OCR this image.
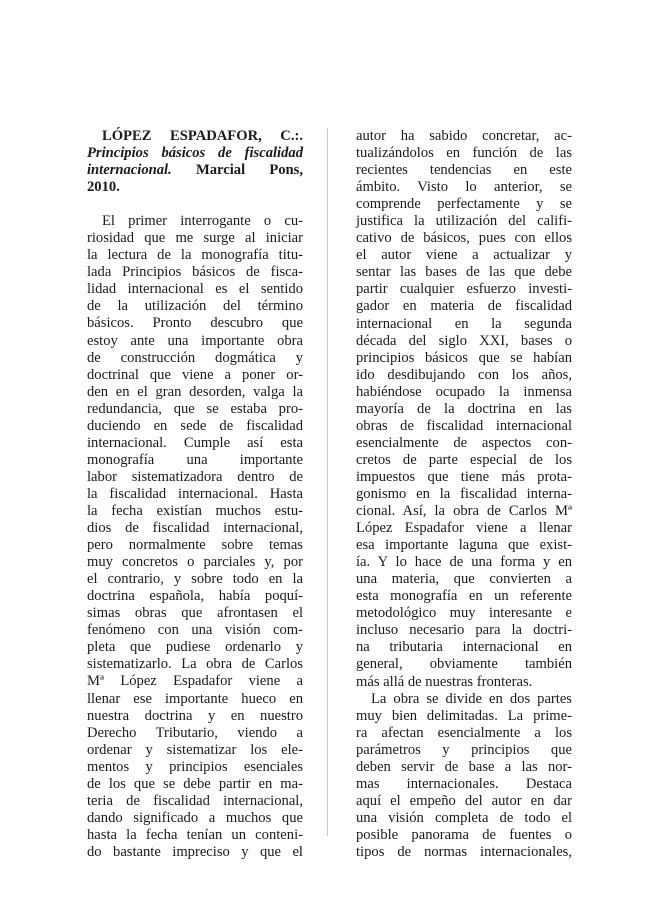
LÓPEZ ESPADAFOR, C.:.
Principios básicos de fiscalidad
internacional. Marcial Pons,
2010.
El primer interrogante o cu-
riosidad que me surge al iniciar
la lectura de la monografía titu-
lada Principios básicos de fisca-
lidad internacional es el sentido
de la utilización del término
básicos. Pronto descubro que
estoy ante una importante obra
de construcción dogmática y
doctrinal que viene a poner or-
den en el gran desorden, valga la
redundancia, que se estaba pro-
duciendo en sede de fiscalidad
internacional. Cumple así esta
monografía una importante
labor sistematizadora dentro de
la fiscalidad internacional. Hasta
la fecha existían muchos estu-
dios de fiscalidad internacional,
pero normalmente sobre temas
muy concretos o parciales y, por
el contrario, y sobre todo en la
doctrina española, había poquí-
simas obras que afrontasen el
fenómeno con una visión com-
pleta que pudiese ordenarlo y
sistematizarlo. La obra de Carlos
Mª López Espadafor viene a
llenar ese importante hueco en
nuestra doctrina y en nuestro
Derecho Tributario, viendo a
ordenar y sistematizar los ele-
mentos y principios esenciales
de los que se debe partir en ma-
teria de fiscalidad internacional,
dando significado a muchos que
hasta la fecha tenían un conteni-
do bastante impreciso y que el
autor ha sabido concretar, ac-
tualizándolos en función de las
recientes tendencias en este
ámbito. Visto lo anterior, se
comprende perfectamente y se
justifica la utilización del califi-
cativo de básicos, pues con ellos
el autor viene a actualizar y
sentar las bases de las que debe
partir cualquier esfuerzo investi-
gador en materia de fiscalidad
internacional en la segunda
década del siglo XXI, bases o
principios básicos que se habían
ido desdibujando con los años,
habiéndose ocupado la inmensa
mayoría de la doctrina en las
obras de fiscalidad internacional
esencialmente de aspectos con-
cretos de parte especial de los
impuestos que tiene más prota-
gonismo en la fiscalidad interna-
cional. Así, la obra de Carlos Mª
López Espadafor viene a llenar
esa importante laguna que exist-
ía. Y lo hace de una forma y en
una materia, que convierten a
esta monografía en un referente
metodológico muy interesante e
incluso necesario para la doctri-
na tributaria internacional en
general, obviamente también
más allá de nuestras fronteras.
La obra se divide en dos partes
muy bien delimitadas. La prime-
ra afectan esencialmente a los
parámetros y principios que
deben servir de base a las nor-
mas internacionales. Destaca
aquí el empeño del autor en dar
una visión completa de todo el
posible panorama de fuentes o
tipos de normas internacionales,
